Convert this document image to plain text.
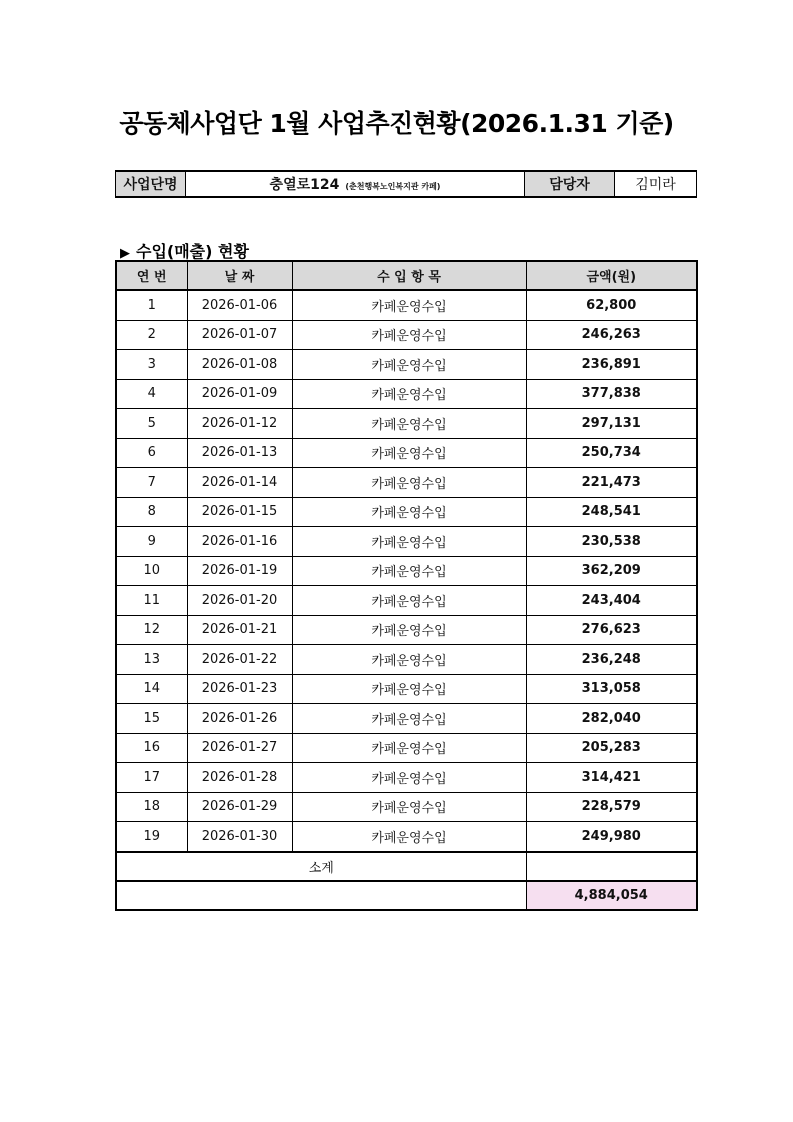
공동체사업단 1월 사업추진현황(2026.1.31 기준)
사업단명	충열로124 (춘천행복노인복지관 카페)	담당자	김미라
▶ 수입(매출) 현황
연 번	날 짜	수 입 항 목	금액(원)
1	2026-01-06	카페운영수입	62,800
2	2026-01-07	카페운영수입	246,263
3	2026-01-08	카페운영수입	236,891
4	2026-01-09	카페운영수입	377,838
5	2026-01-12	카페운영수입	297,131
6	2026-01-13	카페운영수입	250,734
7	2026-01-14	카페운영수입	221,473
8	2026-01-15	카페운영수입	248,541
9	2026-01-16	카페운영수입	230,538
10	2026-01-19	카페운영수입	362,209
11	2026-01-20	카페운영수입	243,404
12	2026-01-21	카페운영수입	276,623
13	2026-01-22	카페운영수입	236,248
14	2026-01-23	카페운영수입	313,058
15	2026-01-26	카페운영수입	282,040
16	2026-01-27	카페운영수입	205,283
17	2026-01-28	카페운영수입	314,421
18	2026-01-29	카페운영수입	228,579
19	2026-01-30	카페운영수입	249,980
소계			
			4,884,054
